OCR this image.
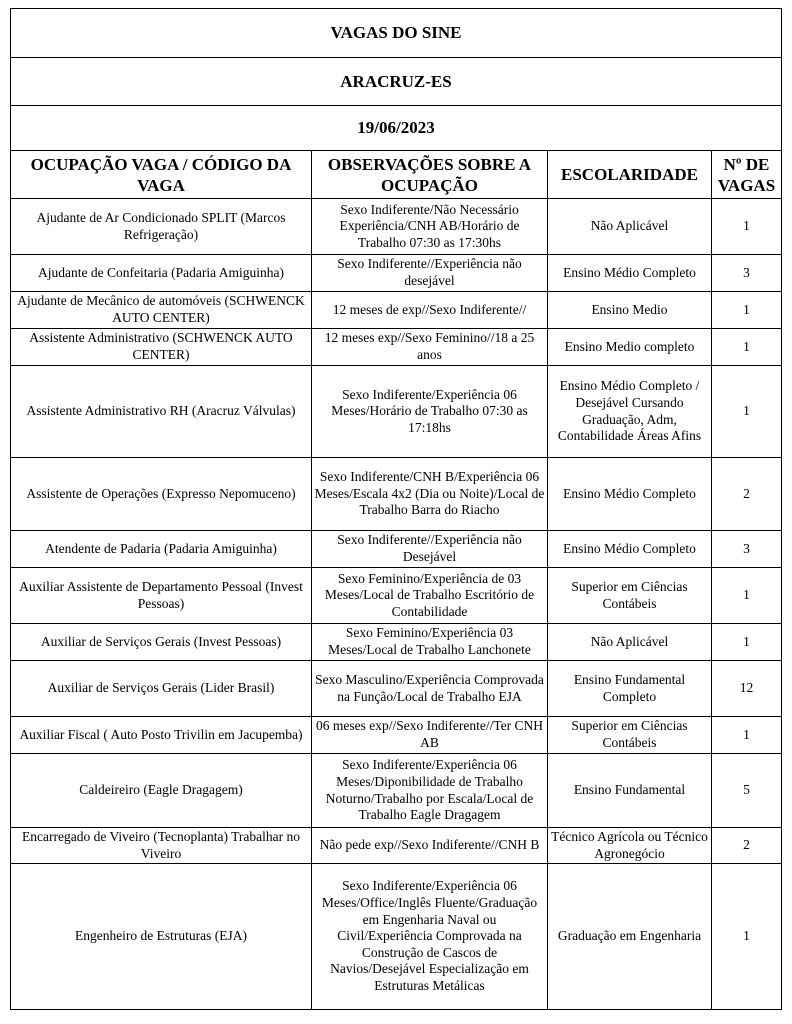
VAGAS DO SINE			
ARACRUZ-ES			
19/06/2023			
OCUPAÇÃO VAGA / CÓDIGO DA VAGA	OBSERVAÇÕES SOBRE A OCUPAÇÃO	ESCOLARIDADE	Nº DE VAGAS
Ajudante de Ar Condicionado SPLIT (Marcos Refrigeração)	Sexo Indiferente/Não Necessário Experiência/CNH AB/Horário de Trabalho 07:30 as 17:30hs	Não Aplicável	1
Ajudante de Confeitaria (Padaria Amiguinha)	Sexo Indiferente//Experiência não desejável	Ensino Médio Completo	3
Ajudante de Mecânico de automóveis (SCHWENCK AUTO CENTER)	12 meses de exp//Sexo Indiferente//	Ensino Medio	1
Assistente Administrativo (SCHWENCK AUTO CENTER)	12 meses exp//Sexo Feminino//18 a 25 anos	Ensino Medio completo	1
Assistente Administrativo RH (Aracruz Válvulas)	Sexo Indiferente/Experiência 06 Meses/Horário de Trabalho 07:30 as 17:18hs	Ensino Médio Completo / Desejável Cursando Graduação, Adm, Contabilidade Áreas Afins	1
Assistente de Operações (Expresso Nepomuceno)	Sexo Indiferente/CNH B/Experiência 06 Meses/Escala 4x2 (Dia ou Noite)/Local de Trabalho Barra do Riacho	Ensino Médio Completo	2
Atendente de Padaria (Padaria Amiguinha)	Sexo Indiferente//Experiência não Desejável	Ensino Médio Completo	3
Auxiliar Assistente de Departamento Pessoal (Invest Pessoas)	Sexo Feminino/Experiência de 03 Meses/Local de Trabalho Escritório de Contabilidade	Superior em Ciências Contábeis	1
Auxiliar de Serviços Gerais (Invest Pessoas)	Sexo Feminino/Experiência 03 Meses/Local de Trabalho Lanchonete	Não Aplicável	1
Auxiliar de Serviços Gerais (Lider Brasil)	Sexo Masculino/Experiência Comprovada na Função/Local de Trabalho EJA	Ensino Fundamental Completo	12
Auxiliar Fiscal ( Auto Posto Trivilin em Jacupemba)	06 meses exp//Sexo Indiferente//Ter CNH AB	Superior em Ciências Contábeis	1
Caldeireiro (Eagle Dragagem)	Sexo Indiferente/Experiência 06 Meses/Diponibilidade de Trabalho Noturno/Trabalho por Escala/Local de Trabalho Eagle Dragagem	Ensino Fundamental	5
Encarregado de Viveiro (Tecnoplanta) Trabalhar no Viveiro	Não pede exp//Sexo Indiferente//CNH B	Técnico Agrícola ou Técnico Agronegócio	2
Engenheiro de Estruturas (EJA)	Sexo Indiferente/Experiência 06 Meses/Office/Inglês Fluente/Graduação em Engenharia Naval ou Civil/Experiência Comprovada na Construção de Cascos de Navios/Desejável Especialização em Estruturas Metálicas	Graduação em Engenharia	1
